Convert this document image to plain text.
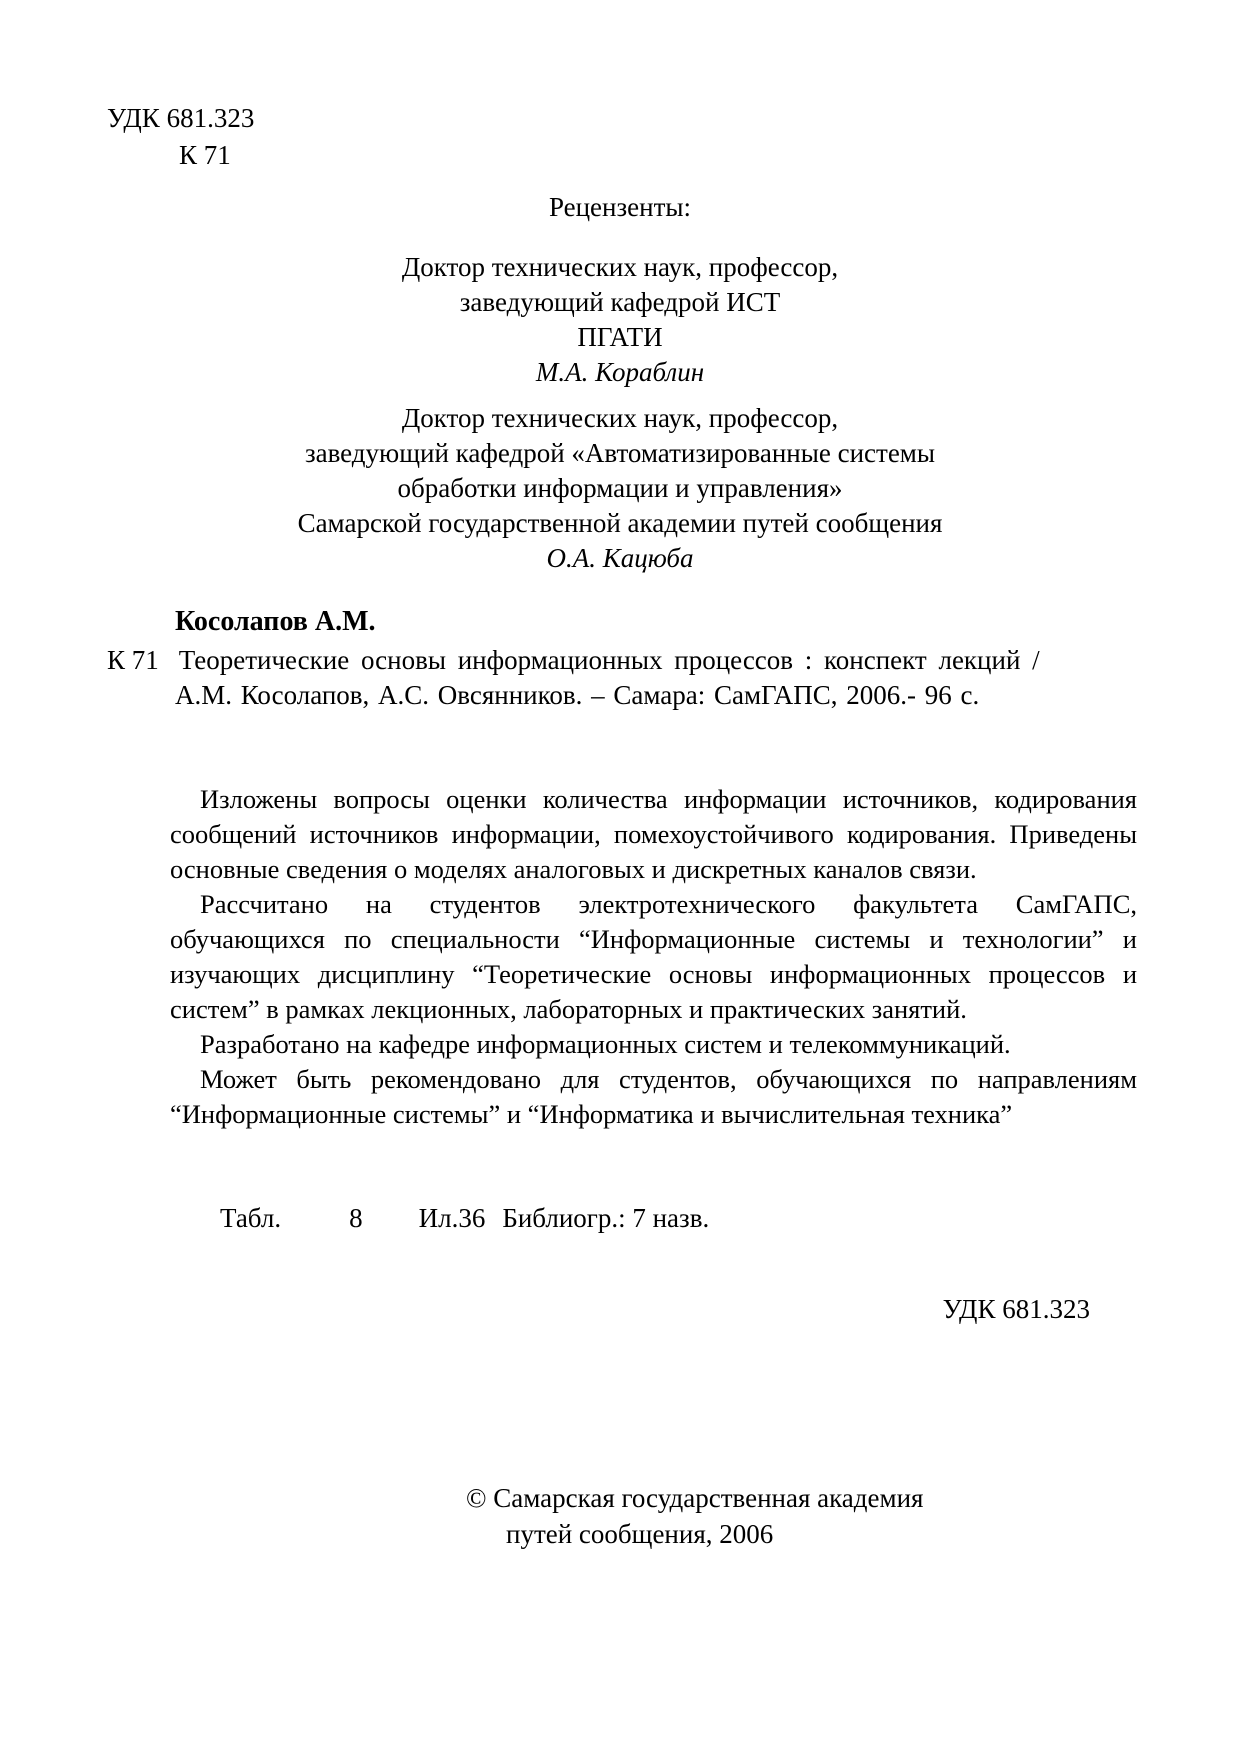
УДК 681.323
К 71
Рецензенты:
Доктор технических наук, профессор,
заведующий кафедрой ИСТ
ПГАТИ
М.А. Кораблин
Доктор технических наук, профессор,
заведующий кафедрой «Автоматизированные системы
обработки информации и управления»
Самарской государственной академии путей сообщения
О.А. Кацюба
Косолапов А.М.
К 71 Теоретические основы информационных процессов : конспект лекций /
А.М. Косолапов, А.С. Овсянников. – Самара: СамГАПС, 2006.- 96 с.

Изложены вопросы оценки количества информации источников, кодирования сообщений источников информации, помехоустойчивого кодирования. Приведены основные сведения о моделях аналоговых и дискретных каналов связи.

Рассчитано на студентов электротехнического факультета СамГАПС, обучающихся по специальности “Информационные системы и технологии” и изучающих дисциплину “Теоретические основы информационных процессов и систем” в рамках лекционных, лабораторных и практических занятий.

Разработано на кафедре информационных систем и телекоммуникаций.

Может быть рекомендовано для студентов, обучающихся по направлениям “Информационные системы” и “Информатика и вычислительная техника”

Табл.	8 Ил.36 Библиогр.: 7 назв.
УДК 681.323
© Самарская государственная академия
путей сообщения, 2006
